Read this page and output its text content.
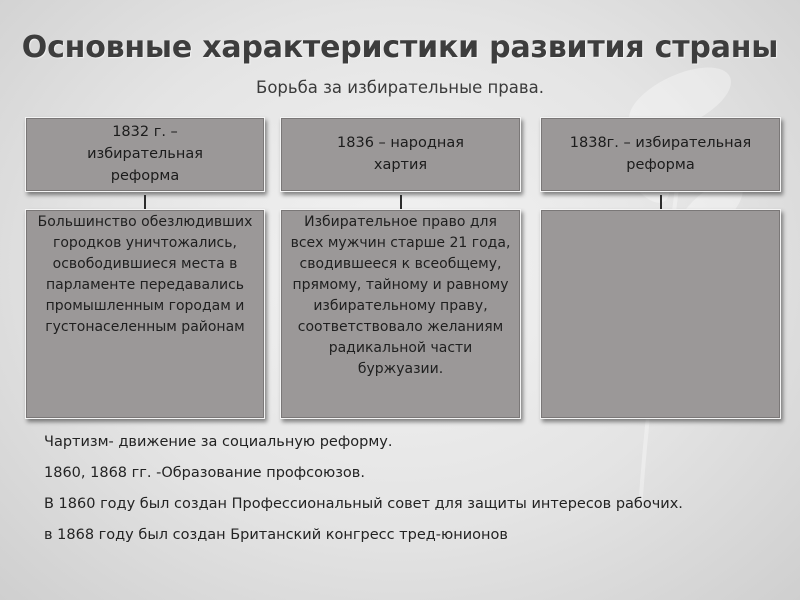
Основные характеристики развития страны
Борьба за избирательные права.
1832 г. –
избирательная
реформа
1836 – народная
хартия
1838г. – избирательная
реформа
Большинство обезлюдивших городков уничтожались, освободившиеся места в парламенте передавались промышленным городам и густонаселенным районам
Избирательное право для всех мужчин старше 21 года, сводившееся к всеобщему, прямому, тайному и равному избирательному праву, соответствовало желаниям радикальной части буржуазии.

Чартизм- движение за социальную реформу.

1860, 1868 гг. -Образование профсоюзов.

В 1860 году был создан Профессиональный совет для защиты интересов рабочих.

в 1868 году был создан Британский конгресс тред-юнионов
